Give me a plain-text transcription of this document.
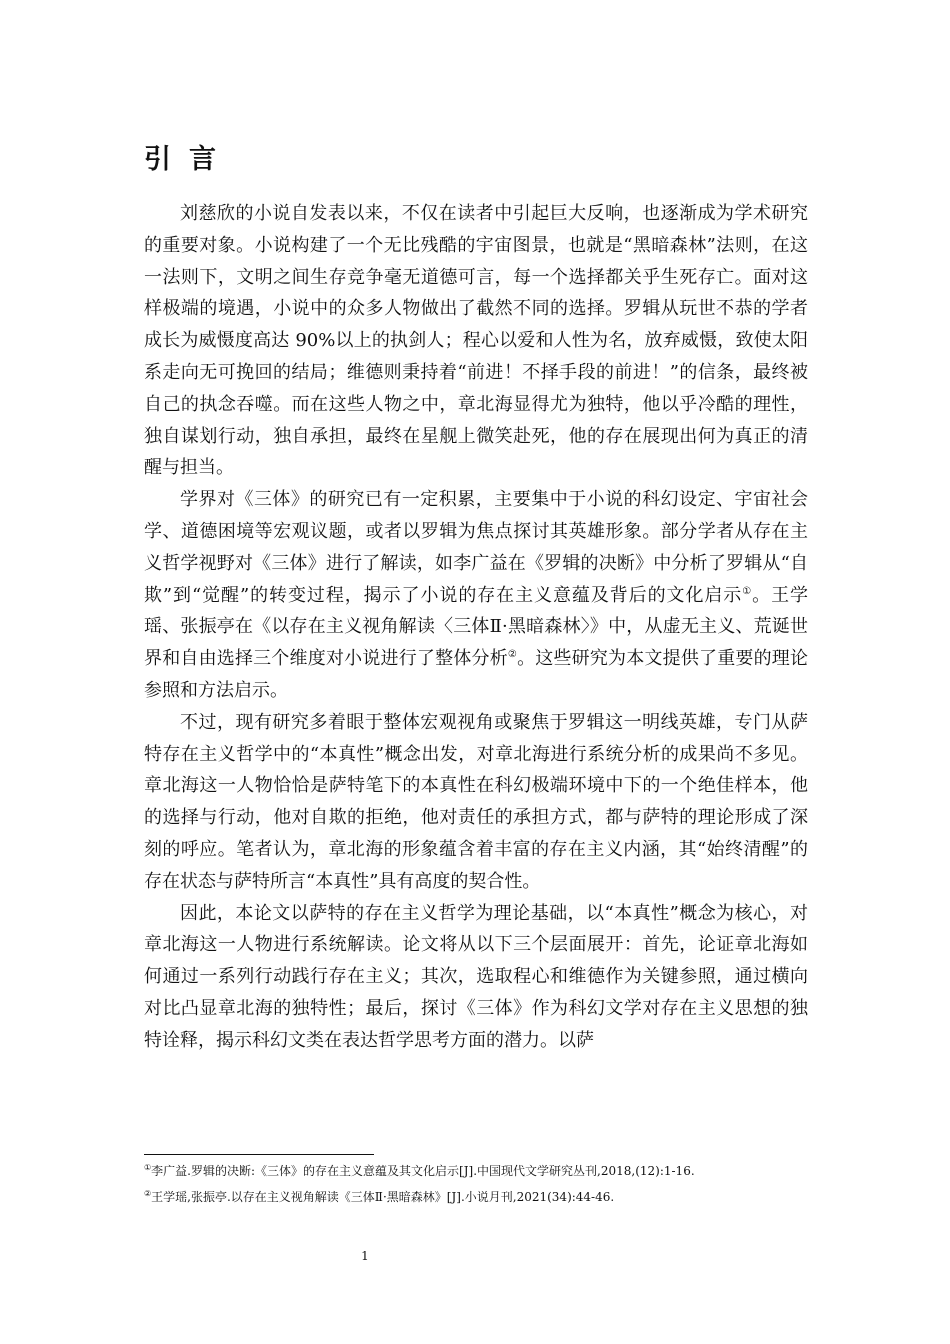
引言

刘慈欣的小说自发表以来，不仅在读者中引起巨大反响，也逐渐成为学术研究的重要对象。小说构建了一个无比残酷的宇宙图景，也就是“黑暗森林”法则，在这一法则下，文明之间生存竞争毫无道德可言，每一个选择都关乎生死存亡。面对这样极端的境遇，小说中的众多人物做出了截然不同的选择。罗辑从玩世不恭的学者成长为威慑度高达 90%以上的执剑人；程心以爱和人性为名，放弃威慑，致使太阳系走向无可挽回的结局；维德则秉持着“前进！不择手段的前进！”的信条，最终被自己的执念吞噬。而在这些人物之中，章北海显得尤为独特，他以乎冷酷的理性，独自谋划行动，独自承担，最终在星舰上微笑赴死，他的存在展现出何为真正的清醒与担当。

学界对《三体》的研究已有一定积累，主要集中于小说的科幻设定、宇宙社会学、道德困境等宏观议题，或者以罗辑为焦点探讨其英雄形象。部分学者从存在主义哲学视野对《三体》进行了解读，如李广益在《罗辑的决断》中分析了罗辑从“自欺”到“觉醒”的转变过程，揭示了小说的存在主义意蕴及背后的文化启示①。王学瑶、张振亭在《以存在主义视角解读〈三体Ⅱ·黑暗森林〉》中，从虚无主义、荒诞世界和自由选择三个维度对小说进行了整体分析②。这些研究为本文提供了重要的理论参照和方法启示。

不过，现有研究多着眼于整体宏观视角或聚焦于罗辑这一明线英雄，专门从萨特存在主义哲学中的“本真性”概念出发，对章北海进行系统分析的成果尚不多见。章北海这一人物恰恰是萨特笔下的本真性在科幻极端环境中下的一个绝佳样本，他的选择与行动，他对自欺的拒绝，他对责任的承担方式，都与萨特的理论形成了深刻的呼应。笔者认为，章北海的形象蕴含着丰富的存在主义内涵，其“始终清醒”的存在状态与萨特所言“本真性”具有高度的契合性。

因此，本论文以萨特的存在主义哲学为理论基础，以“本真性”概念为核心，对章北海这一人物进行系统解读。论文将从以下三个层面展开：首先，论证章北海如何通过一系列行动践行存在主义；其次，选取程心和维德作为关键参照，通过横向对比凸显章北海的独特性；最后，探讨《三体》作为科幻文学对存在主义思想的独特诠释，揭示科幻文类在表达哲学思考方面的潜力。以萨

①李广益.罗辑的决断:《三体》的存在主义意蕴及其文化启示[J].中国现代文学研究丛刊,2018,(12):1-16.

②王学瑶,张振亭.以存在主义视角解读《三体Ⅱ·黑暗森林》[J].小说月刊,2021(34):44-46.

1
